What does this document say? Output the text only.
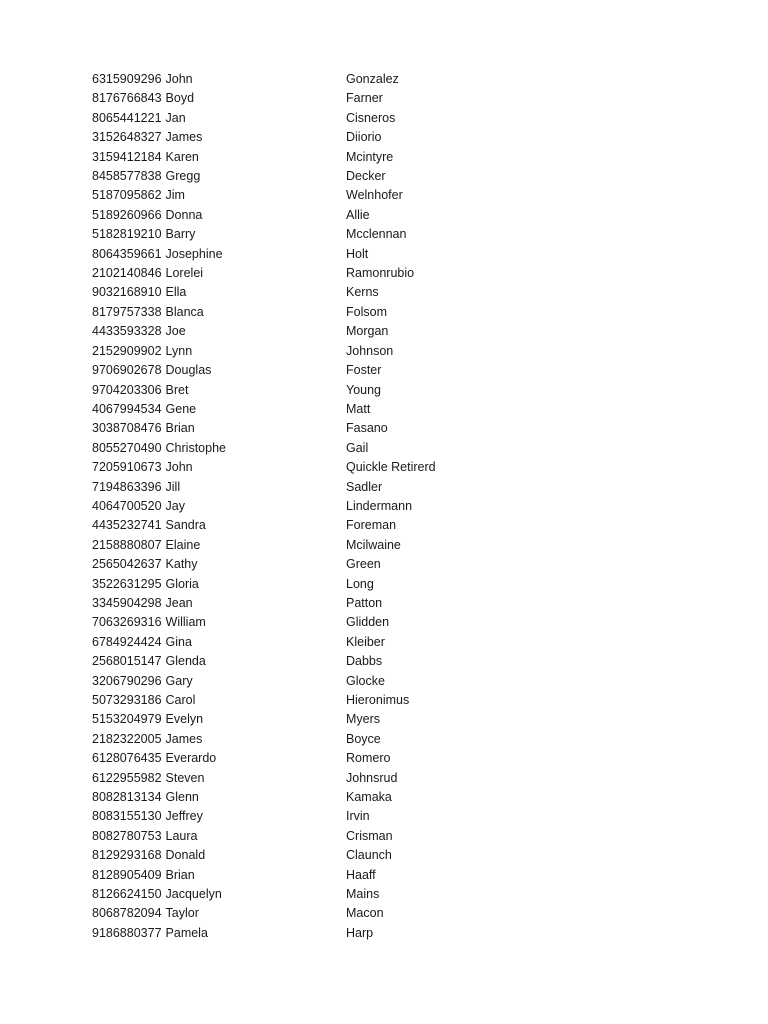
6315909296 John	Gonzalez
8176766843 Boyd	Farner
8065441221 Jan	Cisneros
3152648327 James	Diiorio
3159412184 Karen	Mcintyre
8458577838 Gregg	Decker
5187095862 Jim	Welnhofer
5189260966 Donna	Allie
5182819210 Barry	Mcclennan
8064359661 Josephine	Holt
2102140846 Lorelei	Ramonrubio
9032168910 Ella	Kerns
8179757338 Blanca	Folsom
4433593328 Joe	Morgan
2152909902 Lynn	Johnson
9706902678 Douglas	Foster
9704203306 Bret	Young
4067994534 Gene	Matt
3038708476 Brian	Fasano
8055270490 Christophe	Gail
7205910673 John	Quickle Retirerd
7194863396 Jill	Sadler
4064700520 Jay	Lindermann
4435232741 Sandra	Foreman
2158880807 Elaine	Mcilwaine
2565042637 Kathy	Green
3522631295 Gloria	Long
3345904298 Jean	Patton
7063269316 William	Glidden
6784924424 Gina	Kleiber
2568015147 Glenda	Dabbs
3206790296 Gary	Glocke
5073293186 Carol	Hieronimus
5153204979 Evelyn	Myers
2182322005 James	Boyce
6128076435 Everardo	Romero
6122955982 Steven	Johnsrud
8082813134 Glenn	Kamaka
8083155130 Jeffrey	Irvin
8082780753 Laura	Crisman
8129293168 Donald	Claunch
8128905409 Brian	Haaff
8126624150 Jacquelyn	Mains
8068782094 Taylor	Macon
9186880377 Pamela	Harp
